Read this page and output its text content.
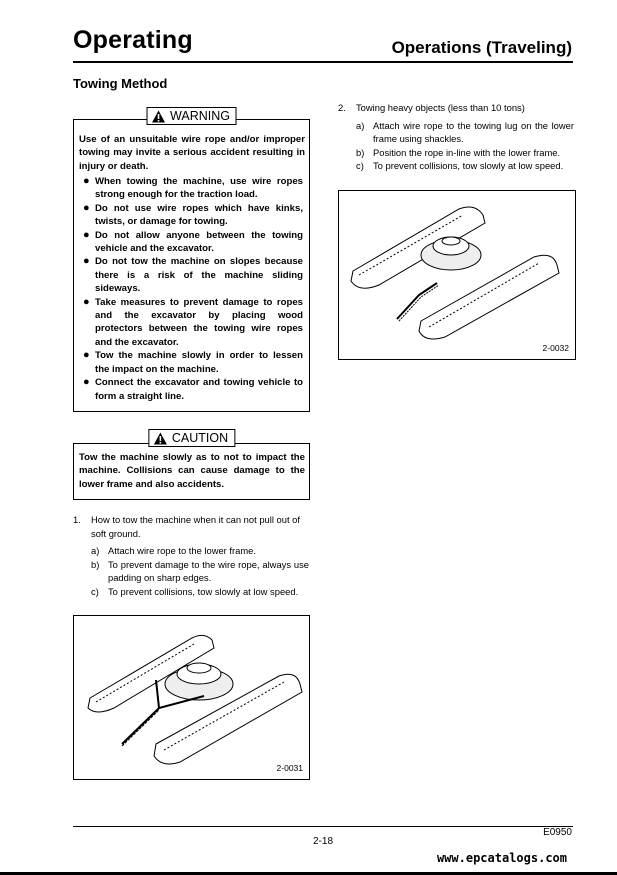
Operating	Operations (Traveling)
Towing Method
WARNING
Use of an unsuitable wire rope and/or improper towing may invite a serious accident resulting in injury or death.
● When towing the machine, use wire ropes strong enough for the traction load.
● Do not use wire ropes which have kinks, twists, or damage for towing.
● Do not allow anyone between the towing vehicle and the excavator.
● Do not tow the machine on slopes because there is a risk of the machine sliding sideways.
● Take measures to prevent damage to ropes and the excavator by placing wood protectors between the towing wire ropes and the excavator.
● Tow the machine slowly in order to lessen the impact on the machine.
● Connect the excavator and towing vehicle to form a straight line.
CAUTION
Tow the machine slowly as to not to impact the machine. Collisions can cause damage to the lower frame and also accidents.
1.	How to tow the machine when it can not pull out of soft ground.
a) Attach wire rope to the lower frame.
b) To prevent damage to the wire rope, always use padding on sharp edges.
c) To prevent collisions, tow slowly at low speed.
2-0031
2.	Towing heavy objects (less than 10 tons)
a) Attach wire rope to the towing lug on the lower frame using shackles.
b) Position the rope in-line with the lower frame.
c) To prevent collisions, tow slowly at low speed.
2-0032
E0950
2-18
www.epcatalogs.com
